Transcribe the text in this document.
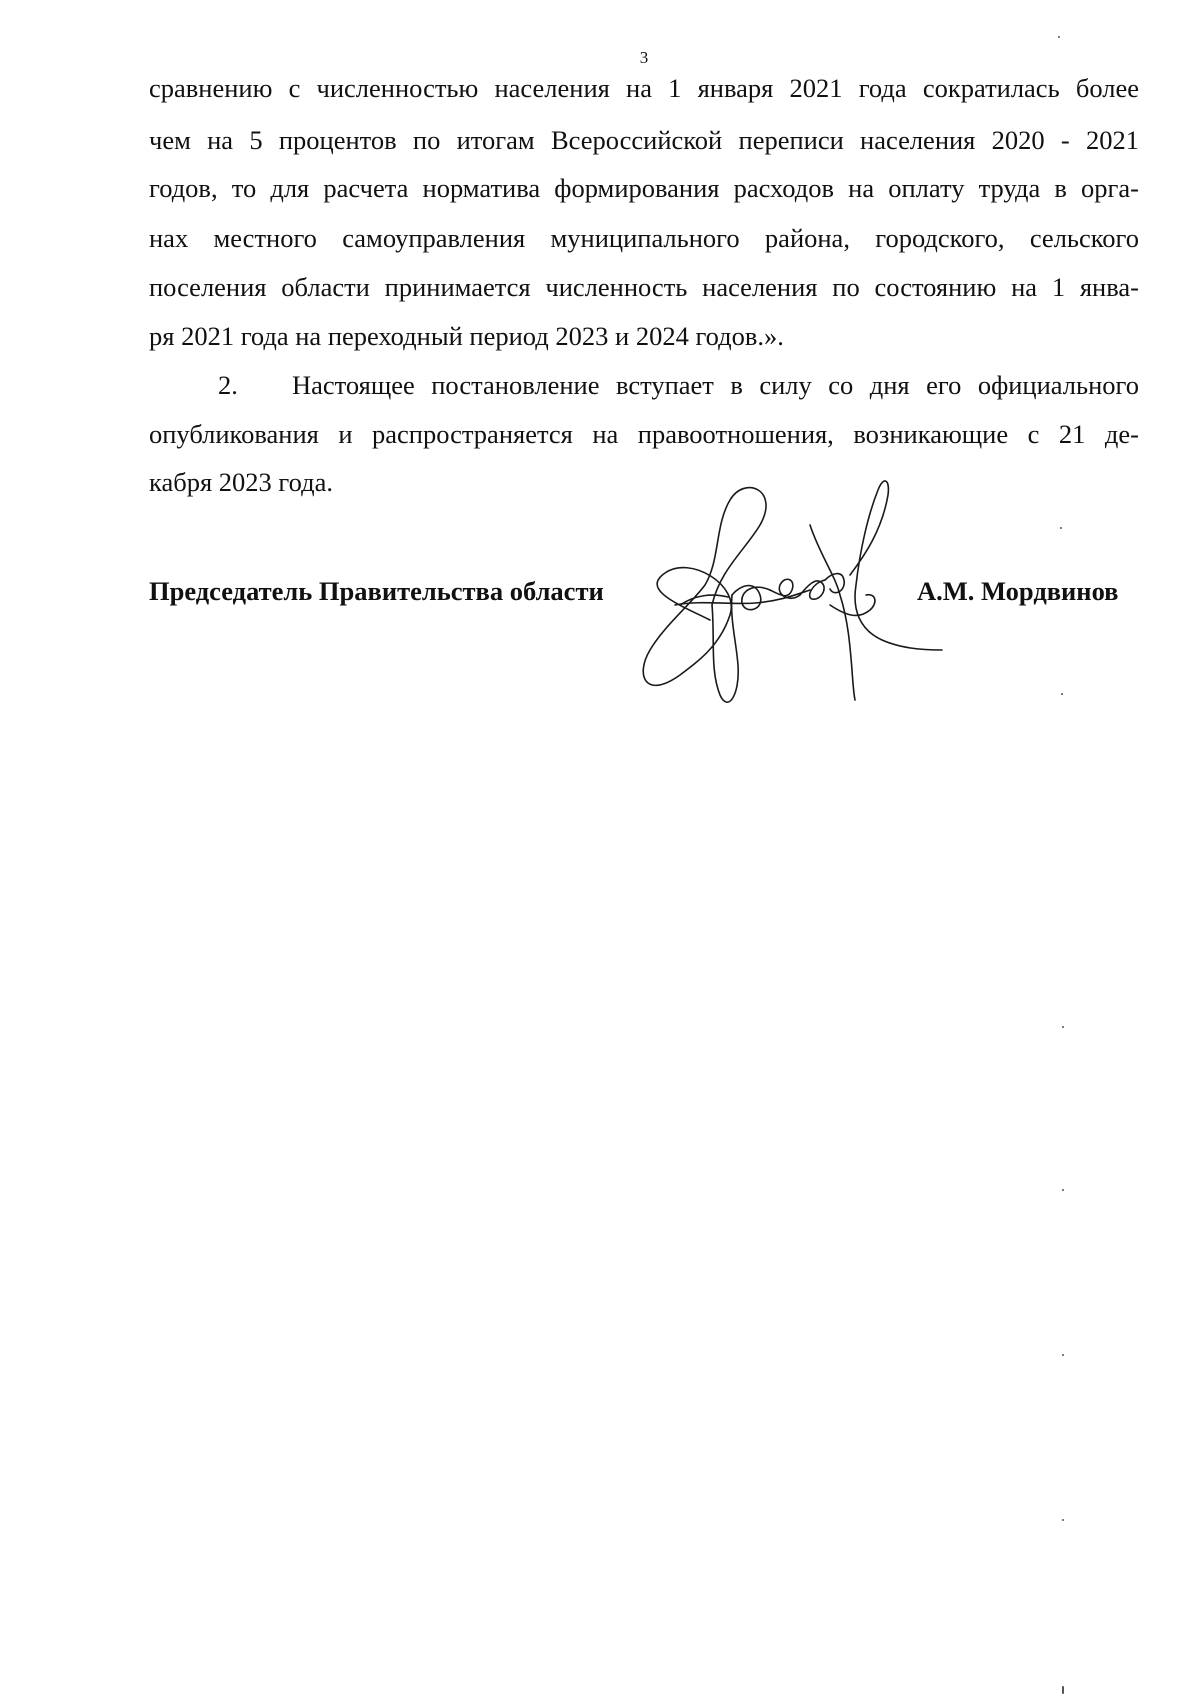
3
сравнению с численностью населения на 1 января 2021 года сократилась более
чем на 5 процентов по итогам Всероссийской переписи населения 2020 - 2021
годов, то для расчета норматива формирования расходов на оплату труда в орга-
нах местного самоуправления муниципального района, городского, сельского
поселения области принимается численность населения по состоянию на 1 янва-
ря 2021 года на переходный период 2023 и 2024 годов.».
2. Настоящее постановление вступает в силу со дня его официального
опубликования и распространяется на правоотношения, возникающие с 21 де-
кабря 2023 года.
Председатель Правительства области	А.М. Мордвинов
